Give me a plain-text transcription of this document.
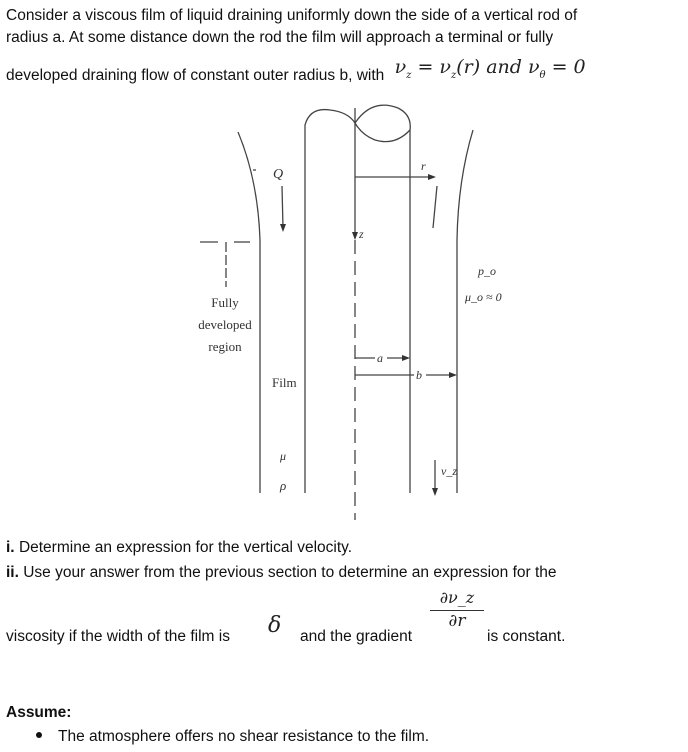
Consider a viscous film of liquid draining uniformly down the side of a vertical rod of
radius a. At some distance down the rod the film will approach a terminal or fully
developed draining flow of constant outer radius b, with $\nu_z = \nu_z(r)$ and $\nu_\theta = 0$
Q
r
z
Fully
developed
region
a
b
Film
μ
ρ
v_z
p_o
μ_o ≈ 0
i. Determine an expression for the vertical velocity.
ii. Use your answer from the previous section to determine an expression for the
viscosity if the width of the film is δ and the gradient
$\frac{\partial\nu\_z}{\partial r}$
is constant.
Assume:
The atmosphere offers no shear resistance to the film.
